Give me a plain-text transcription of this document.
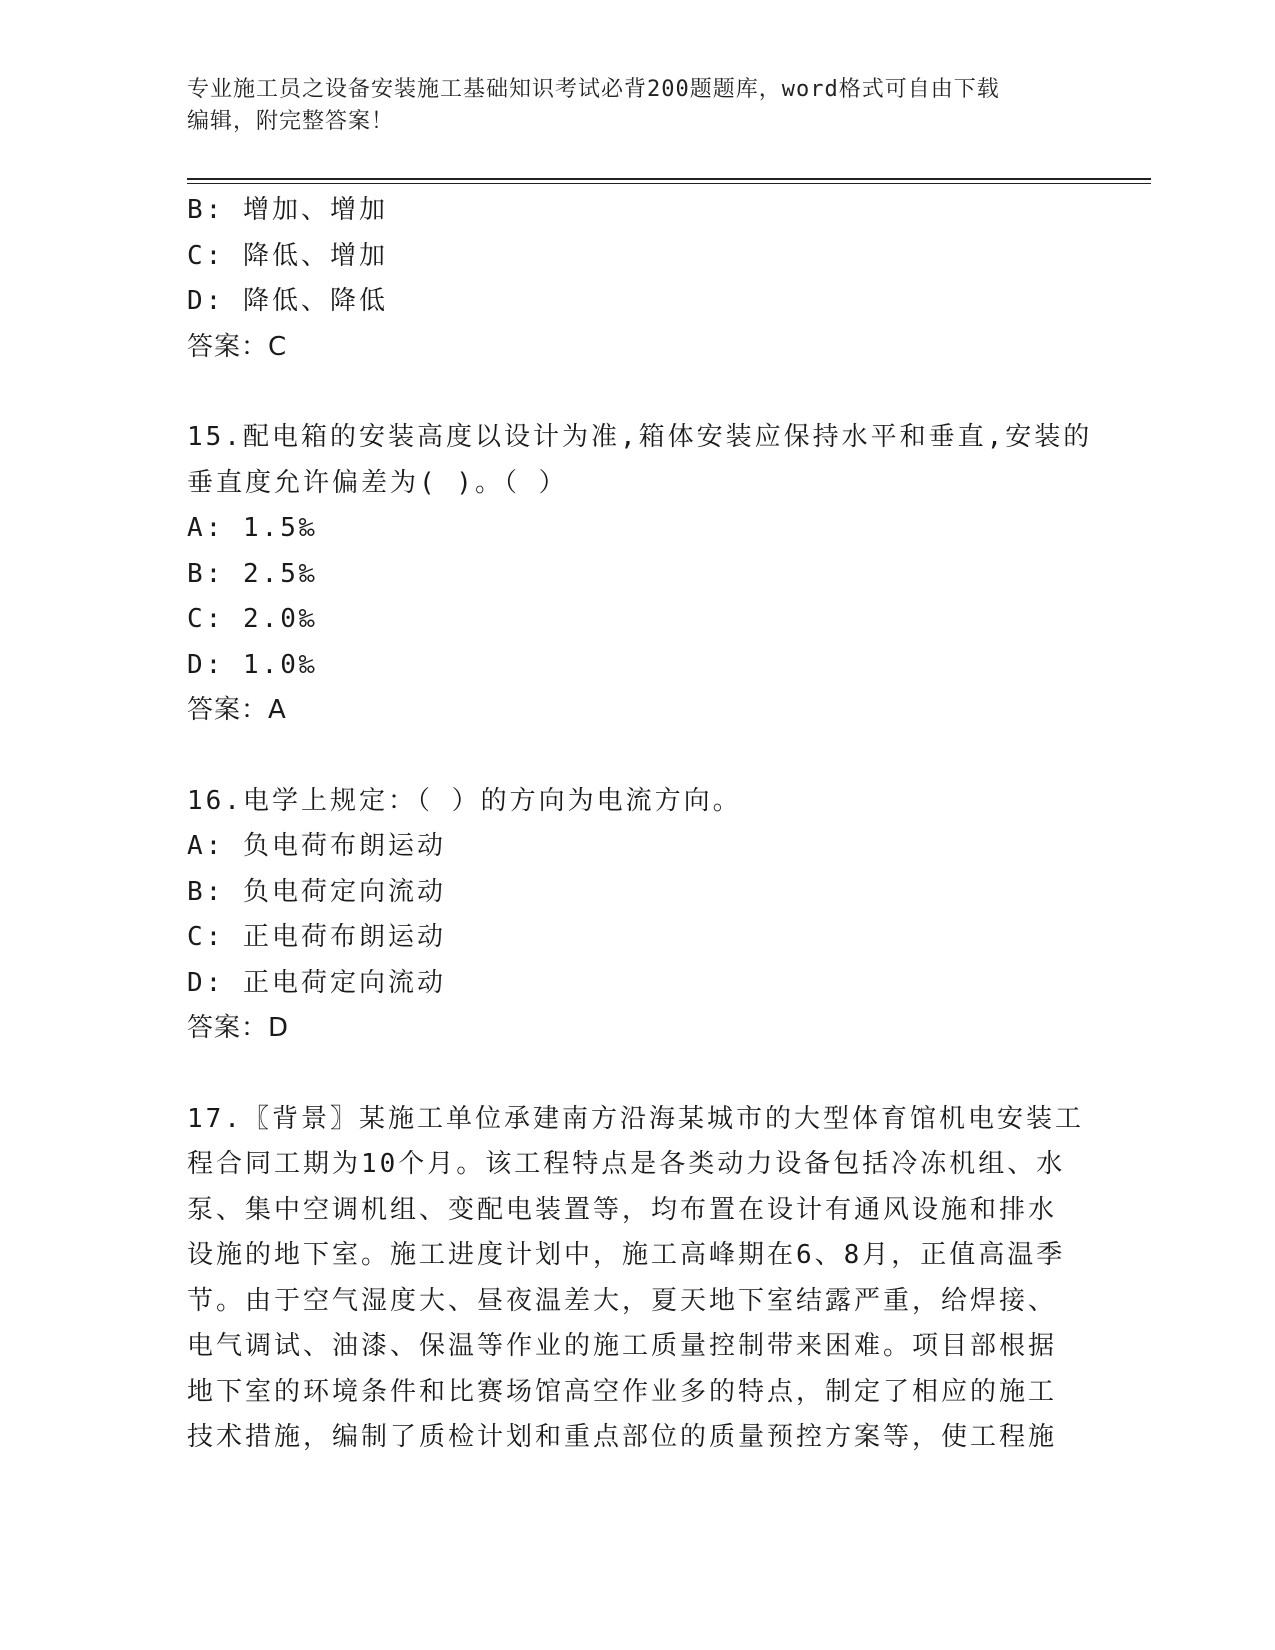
专业施工员之设备安装施工基础知识考试必背200题题库，word格式可自由下载
编辑，附完整答案！
B: 增加、增加
C: 降低、增加
D: 降低、降低
答案：C
15.配电箱的安装高度以设计为准,箱体安装应保持水平和垂直,安装的
垂直度允许偏差为( )。（ ）
A: 1.5‰
B: 2.5‰
C: 2.0‰
D: 1.0‰
答案：A
16.电学上规定：（ ）的方向为电流方向。
A: 负电荷布朗运动
B: 负电荷定向流动
C: 正电荷布朗运动
D: 正电荷定向流动
答案：D
17.〖背景〗某施工单位承建南方沿海某城市的大型体育馆机电安装工
程合同工期为10个月。该工程特点是各类动力设备包括冷冻机组、水
泵、集中空调机组、变配电装置等，均布置在设计有通风设施和排水
设施的地下室。施工进度计划中，施工高峰期在6、8月，正值高温季
节。由于空气湿度大、昼夜温差大，夏天地下室结露严重，给焊接、
电气调试、油漆、保温等作业的施工质量控制带来困难。项目部根据
地下室的环境条件和比赛场馆高空作业多的特点，制定了相应的施工
技术措施，编制了质检计划和重点部位的质量预控方案等，使工程施
